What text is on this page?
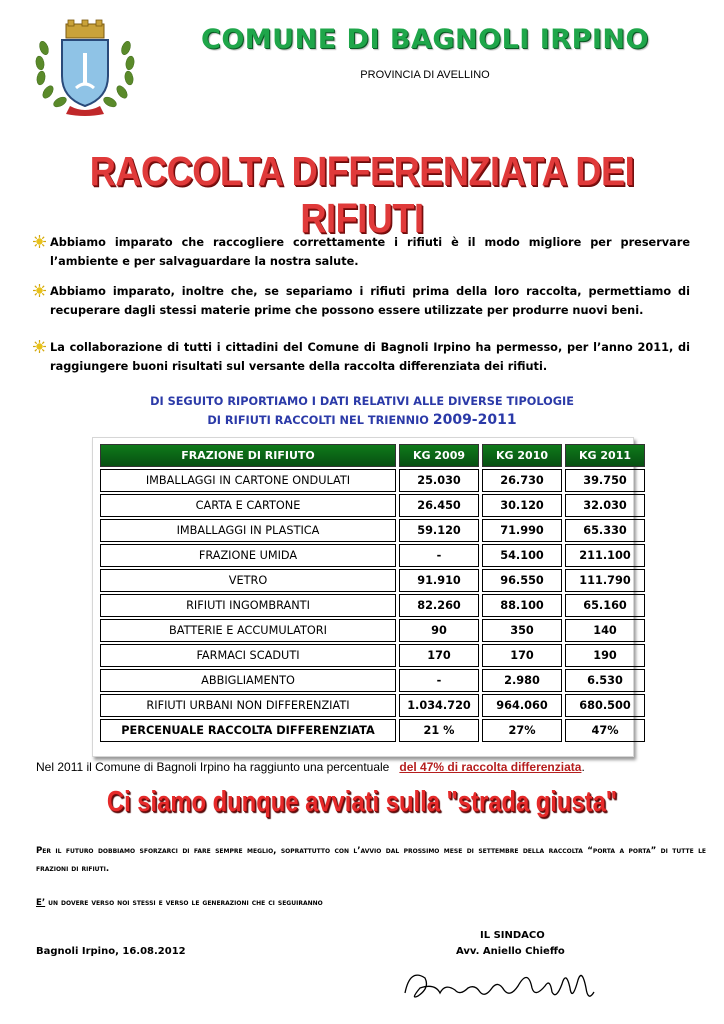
COMUNE DI BAGNOLI IRPINO
PROVINCIA DI AVELLINO
RACCOLTA DIFFERENZIATA DEI RIFIUTI
Abbiamo imparato che raccogliere correttamente i rifiuti è il modo migliore per preservare l’ambiente e per salvaguardare la nostra salute.
Abbiamo imparato, inoltre che, se separiamo i rifiuti prima della loro raccolta, permettiamo di recuperare dagli stessi materie prime che possono essere utilizzate per produrre nuovi beni.
La collaborazione di tutti i cittadini del Comune di Bagnoli Irpino ha permesso, per l’anno 2011, di raggiungere buoni risultati sul versante della raccolta differenziata dei rifiuti.
DI SEGUITO RIPORTIAMO I DATI RELATIVI ALLE DIVERSE TIPOLOGIE
DI RIFIUTI RACCOLTI NEL TRIENNIO 2009-2011
FRAZIONE DI RIFIUTO	KG 2009	KG 2010	KG 2011
IMBALLAGGI IN CARTONE ONDULATI	25.030	26.730	39.750
CARTA E CARTONE	26.450	30.120	32.030
IMBALLAGGI IN PLASTICA	59.120	71.990	65.330
FRAZIONE UMIDA	-	54.100	211.100
VETRO	91.910	96.550	111.790
RIFIUTI INGOMBRANTI	82.260	88.100	65.160
BATTERIE E ACCUMULATORI	90	350	140
FARMACI SCADUTI	170	170	190
ABBIGLIAMENTO	-	2.980	6.530
RIFIUTI URBANI NON DIFFERENZIATI	1.034.720	964.060	680.500
PERCENUALE RACCOLTA DIFFERENZIATA	21 %	27%	47%
Nel 2011 il Comune di Bagnoli Irpino ha raggiunto una percentuale del 47% di raccolta differenziata.
Ci siamo dunque avviati sulla "strada giusta"
Per il futuro dobbiamo sforzarci di fare sempre meglio, soprattutto con l’avvio dal prossimo mese di settembre della raccolta “porta a porta” di tutte le frazioni di rifiuti.
E’ un dovere verso noi stessi e verso le generazioni che ci seguiranno
IL SINDACO
Avv. Aniello Chieffo
Bagnoli Irpino, 16.08.2012
